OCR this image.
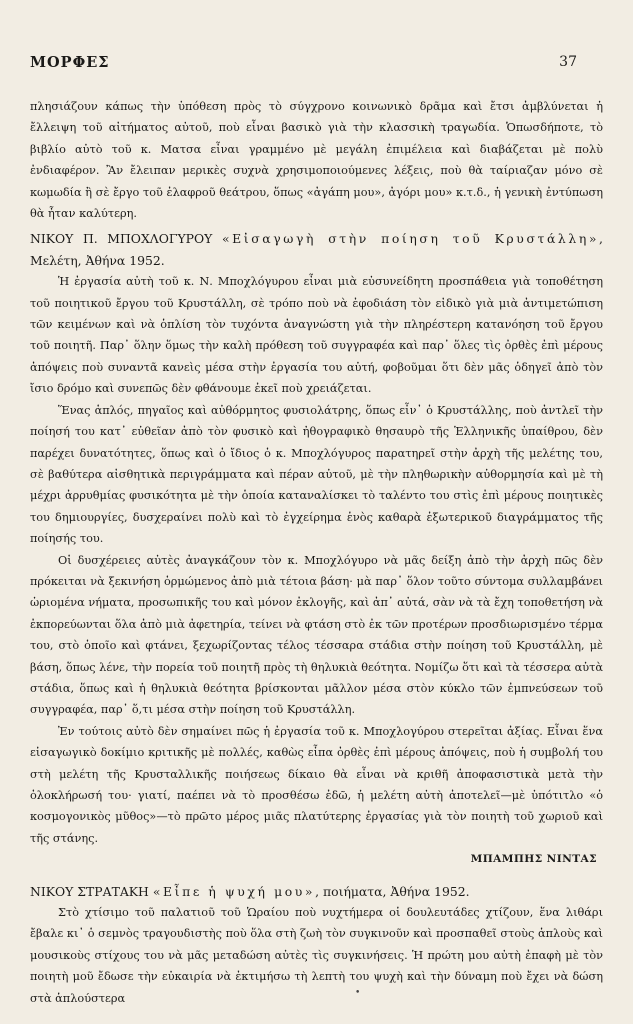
ΜΟΡΦΕΣ	37

πλησιάζουν κάπως τὴν ὑπόθεση πρὸς τὸ σύγχρονο κοινωνικὸ δρᾶμα καὶ ἔτσι ἀμβλύνεται ἡ ἔλλειψη τοῦ αἰτήματος αὐτοῦ, ποὺ εἶναι βασικὸ γιὰ τὴν κλασσικὴ τραγωδία. Ὁπωσδήποτε, τὸ βιβλίο αὐτὸ τοῦ κ. Ματσα εἶναι γραμμένο μὲ μεγάλη ἐπιμέλεια καὶ διαβάζεται μὲ πολὺ ἐνδιαφέρον. Ἂν ἔλειπαν μερικὲς συχνὰ χρησιμοποιούμενες λέξεις, ποὺ θὰ ταίριαζαν μόνο σὲ κωμωδία ἢ σὲ ἔργο τοῦ ἐλαφροῦ θεάτρου, ὅπως «ἀγάπη μου», ἀγόρι μου» κ.τ.δ., ἡ γενικὴ ἐντύπωση θὰ ἦταν καλύτερη.

ΝΙΚΟΥ Π. ΜΠΟΧΛΟΓΥΡΟΥ «Εἰσαγωγὴ στὴν ποίηση τοῦ Κρυστάλλη», Μελέτη, Ἀθήνα 1952.

Ἡ ἐργασία αὐτὴ τοῦ κ. Ν. Μποχλόγυρου εἶναι μιὰ εὐσυνείδητη προσπάθεια γιὰ τοποθέτηση τοῦ ποιητικοῦ ἔργου τοῦ Κρυστάλλη, σὲ τρόπο ποὺ νὰ ἐφοδιάση τὸν εἰδικὸ γιὰ μιὰ ἀντιμετώπιση τῶν κειμένων καὶ νὰ ὁπλίση τὸν τυχόντα ἀναγνώστη γιὰ τὴν πληρέστερη κατανόηση τοῦ ἔργου τοῦ ποιητῆ. Παρ᾽ ὅλην ὅμως τὴν καλὴ πρόθεση τοῦ συγγραφέα καὶ παρ᾽ ὅλες τὶς ὀρθὲς ἐπὶ μέρους ἀπόψεις ποὺ συναντᾶ κανεὶς μέσα στὴν ἐργασία του αὐτή, φοβοῦμαι ὅτι δὲν μᾶς ὁδηγεῖ ἀπὸ τὸν ἴσιο δρόμο καὶ συνεπῶς δὲν φθάνουμε ἐκεῖ ποὺ χρειάζεται.

Ἕνας ἁπλός, πηγαῖος καὶ αὐθόρμητος φυσιολάτρης, ὅπως εἶν᾽ ὁ Κρυστάλλης, ποὺ ἀντλεῖ τὴν ποίησή του κατ᾽ εὐθεῖαν ἀπὸ τὸν φυσικὸ καὶ ἠθογραφικὸ θησαυρὸ τῆς Ἑλληνικῆς ὑπαίθρου, δὲν παρέχει δυνατότητες, ὅπως καὶ ὁ ἴδιος ὁ κ. Μποχλόγυρος παρατηρεῖ στὴν ἀρχὴ τῆς μελέτης του, σὲ βαθύτερα αἰσθητικὰ περιγράμματα καὶ πέραν αὐτοῦ, μὲ τὴν πληθωρικὴν αὐθορμησία καὶ μὲ τὴ μέχρι ἀρρυθμίας φυσικότητα μὲ τὴν ὁποία καταναλίσκει τὸ ταλέντο του στὶς ἐπὶ μέρους ποιητικὲς του δημιουργίες, δυσχεραίνει πολὺ καὶ τὸ ἐγχείρημα ἑνὸς καθαρὰ ἐξωτερικοῦ διαγράμματος τῆς ποίησής του.

Οἱ δυσχέρειες αὐτὲς ἀναγκάζουν τὸν κ. Μποχλόγυρο νὰ μᾶς δείξη ἀπὸ τὴν ἀρχὴ πῶς δὲν πρόκειται νὰ ξεκινήση ὁρμώμενος ἀπὸ μιὰ τέτοια βάση· μὰ παρ᾽ ὅλον τοῦτο σύντομα συλλαμβάνει ὡριομένα νήματα, προσωπικῆς του καὶ μόνον ἐκλογῆς, καὶ ἀπ᾽ αὐτά, σὰν νὰ τὰ ἔχη τοποθετήση νὰ ἐκπορεύωνται ὅλα ἀπὸ μιὰ ἀφετηρία, τείνει νὰ φτάση στὸ ἐκ τῶν προτέρων προσδιωρισμένο τέρμα του, στὸ ὁποῖο καὶ φτάνει, ξεχωρίζοντας τέλος τέσσαρα στάδια στὴν ποίηση τοῦ Κρυστάλλη, μὲ βάση, ὅπως λένε, τὴν πορεία τοῦ ποιητῆ πρὸς τὴ θηλυκιὰ θεότητα. Νομίζω ὅτι καὶ τὰ τέσσερα αὐτὰ στάδια, ὅπως καὶ ἡ θηλυκιὰ θεότητα βρίσκονται μᾶλλον μέσα στὸν κύκλο τῶν ἐμπνεύσεων τοῦ συγγραφέα, παρ᾽ ὅ,τι μέσα στὴν ποίηση τοῦ Κρυστάλλη.

Ἐν τούτοις αὐτὸ δὲν σημαίνει πῶς ἡ ἐργασία τοῦ κ. Μποχλογύρου στερεῖται ἀξίας. Εἶναι ἕνα εἰσαγωγικὸ δοκίμιο κριτικῆς μὲ πολλές, καθὼς εἶπα ὀρθὲς ἐπὶ μέρους ἀπόψεις, ποὺ ἡ συμβολή του στὴ μελέτη τῆς Κρυσταλλικῆς ποιήσεως δίκαιο θὰ εἶναι νὰ κριθῆ ἀποφασιστικὰ μετὰ τὴν ὁλοκλήρωσή του· γιατί, παέπει νὰ τὸ προσθέσω ἐδῶ, ἡ μελέτη αὐτὴ ἀποτελεῖ—μὲ ὑπότιτλο «ὁ κοσμογονικὸς μῦθος»—τὸ πρῶτο μέρος μιᾶς πλατύτερης ἐργασίας γιὰ τὸν ποιητὴ τοῦ χωριοῦ καὶ τῆς στάνης.

ΜΠΑΜΠΗΣ ΝΙΝΤΑΣ

ΝΙΚΟΥ ΣΤΡΑΤΑΚΗ «Εἶπε ἡ ψυχή μου», ποιήματα, Ἀθήνα 1952.

Στὸ χτίσιμο τοῦ παλατιοῦ τοῦ Ὡραίου ποὺ νυχτήμερα οἱ δουλευτάδες χτίζουν, ἕνα λιθάρι ἔβαλε κι᾽ ὁ σεμνὸς τραγουδιστὴς ποὺ ὅλα στὴ ζωὴ τὸν συγκινοῦν καὶ προσπαθεῖ στοὺς ἁπλοὺς καὶ μουσικοὺς στίχους του νὰ μᾶς μεταδώση αὐτὲς τὶς συγκινήσεις. Ἡ πρώτη μου αὐτὴ ἐπαφὴ μὲ τὸν ποιητὴ μοῦ ἔδωσε τὴν εὐκαιρία νὰ ἐκτιμήσω τὴ λεπτὴ του ψυχὴ καὶ τὴν δύναμη ποὺ ἔχει νὰ δώση στὰ ἁπλούστερα	•
